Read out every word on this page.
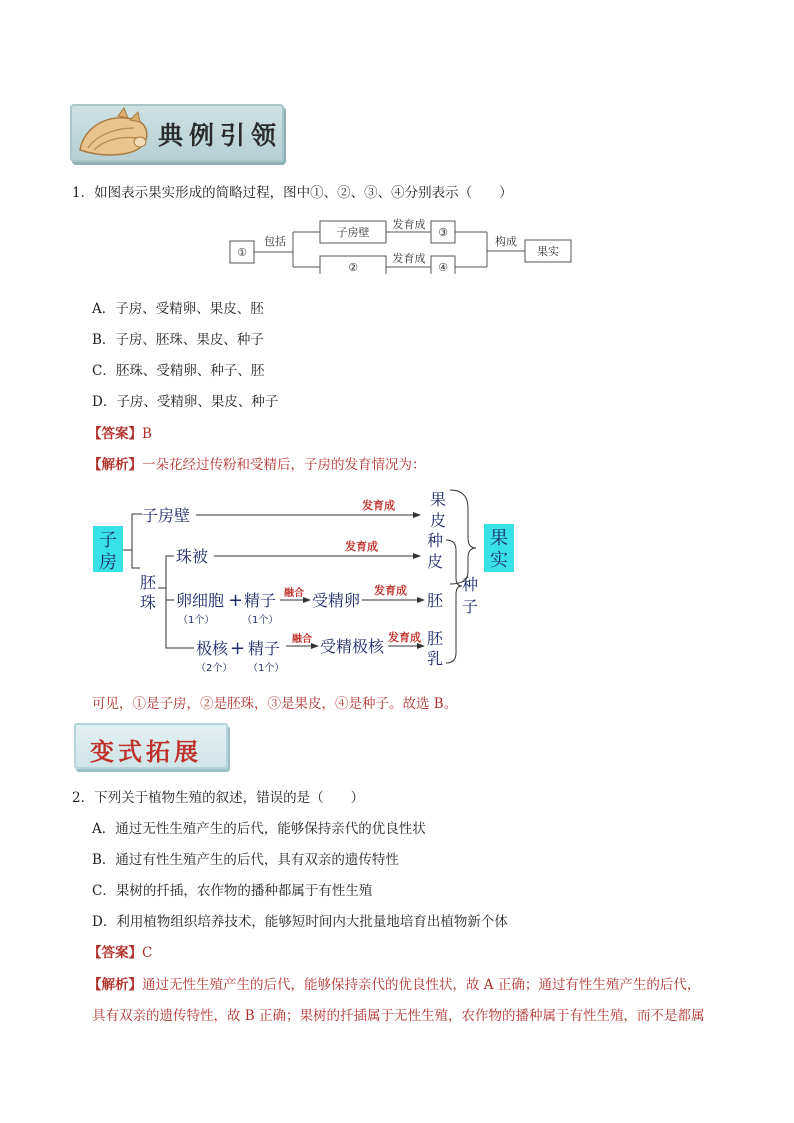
典例引领
1．如图表示果实形成的简略过程，图中①、②、③、④分别表示（　　）
①
包括
子房壁
②
发育成
发育成
③
④
构成
果实
A．子房、受精卵、果皮、胚
B．子房、胚珠、果皮、种子
C．胚珠、受精卵、种子、胚
D．子房、受精卵、果皮、种子
【答案】B
【解析】一朵花经过传粉和受精后，子房的发育情况为：
子
房
子房壁
发育成 果
皮
胚
珠
珠被
发育成	种
皮
卵细胞 + 精子
（1个）	（1个）
融合 受精卵
发育成
胚
极核 + 精子
（2个） （1个）
融合 受精极核 发育成 胚
乳
种
子
果
实
可见，①是子房，②是胚珠，③是果皮，④是种子。故选 B。
变式拓展
2．下列关于植物生殖的叙述，错误的是（　　）
A．通过无性生殖产生的后代，能够保持亲代的优良性状
B．通过有性生殖产生的后代，具有双亲的遗传特性
C．果树的扦插，农作物的播种都属于有性生殖
D．利用植物组织培养技术，能够短时间内大批量地培育出植物新个体
【答案】C
【解析】通过无性生殖产生的后代，能够保持亲代的优良性状，故 A 正确；通过有性生殖产生的后代，
具有双亲的遗传特性，故 B 正确；果树的扦插属于无性生殖，农作物的播种属于有性生殖，而不是都属
